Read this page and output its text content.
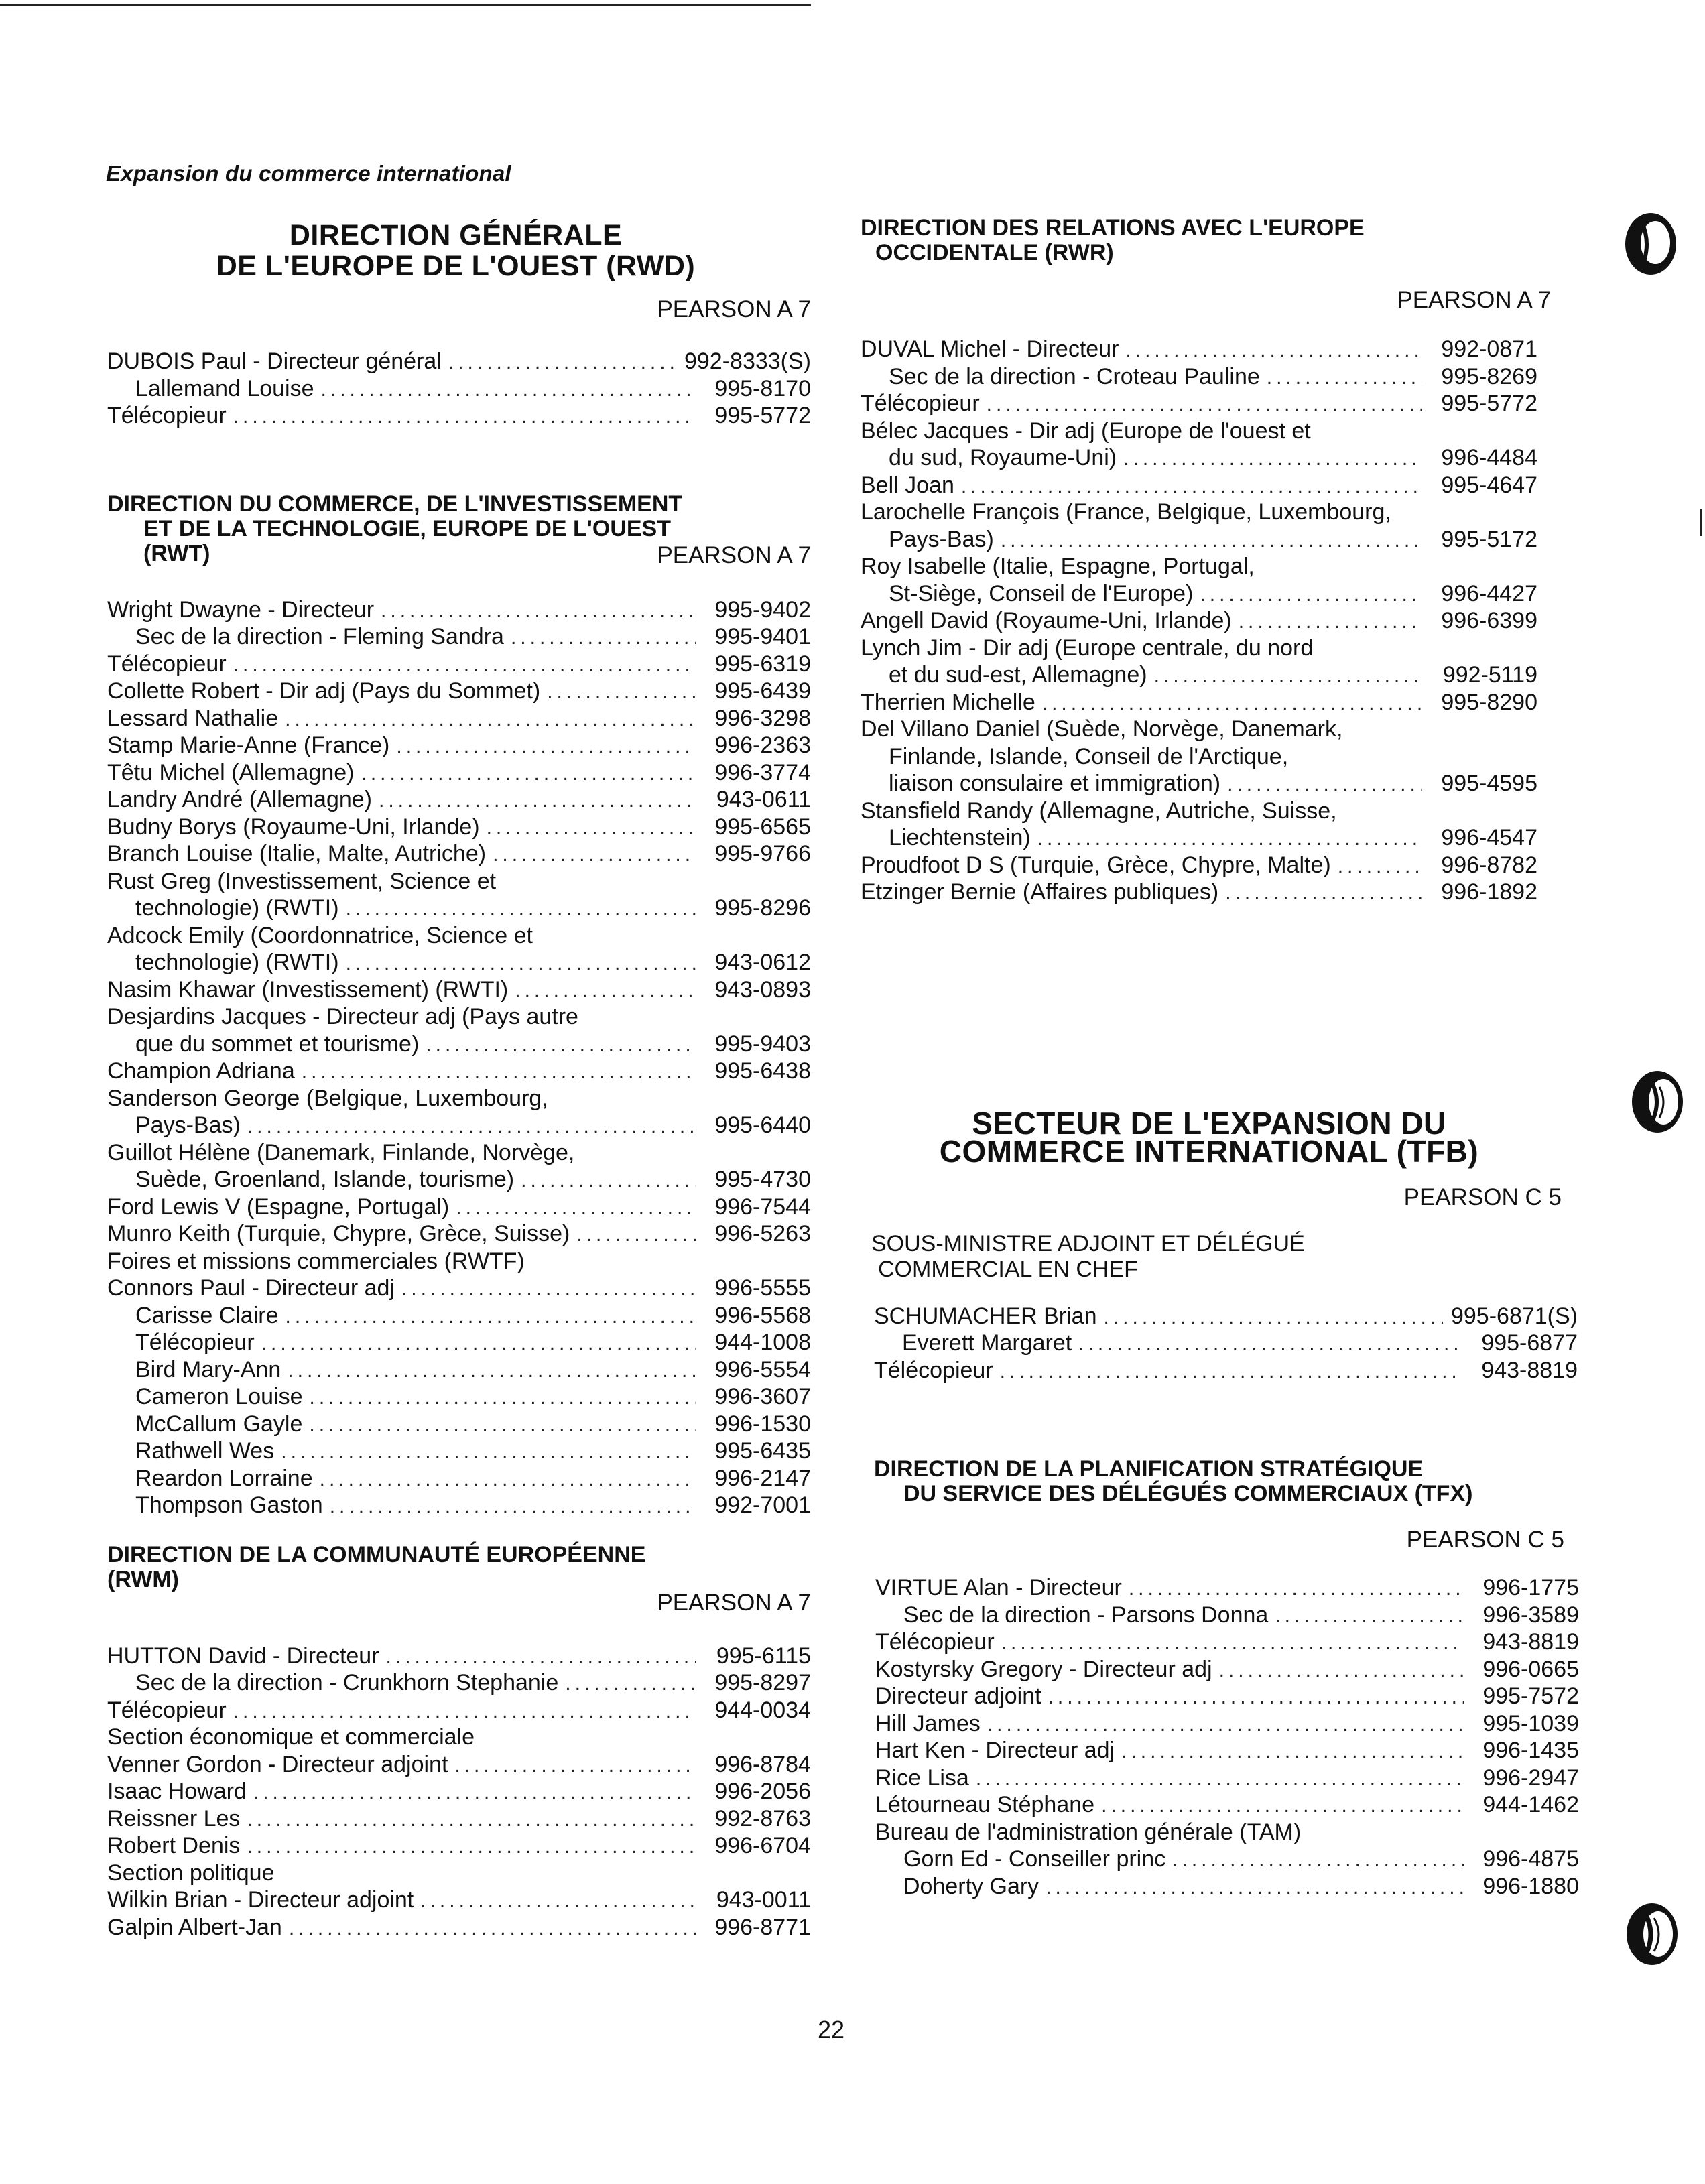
Expansion du commerce international
DIRECTION GÉNÉRALE
DE L'EUROPE DE L'OUEST (RWD)
PEARSON A 7
DUBOIS Paul - Directeur général .....	992-8333(S)
Lallemand Louise .....	995-8170
Télécopieur .....	995-5772
DIRECTION DU COMMERCE, DE L'INVESTISSEMENT
ET DE LA TECHNOLOGIE, EUROPE DE L'OUEST
(RWT)	PEARSON A 7
Wright Dwayne - Directeur .....	995-9402
Sec de la direction - Fleming Sandra .....	995-9401
Télécopieur .....	995-6319
Collette Robert - Dir adj (Pays du Sommet) .....	995-6439
Lessard Nathalie .....	996-3298
Stamp Marie-Anne (France) .....	996-2363
Têtu Michel (Allemagne) .....	996-3774
Landry André (Allemagne) .....	943-0611
Budny Borys (Royaume-Uni, Irlande) .....	995-6565
Branch Louise (Italie, Malte, Autriche) .....	995-9766
Rust Greg (Investissement, Science et
technologie) (RWTI) .....	995-8296
Adcock Emily (Coordonnatrice, Science et
technologie) (RWTI) .....	943-0612
Nasim Khawar (Investissement) (RWTI) .....	943-0893
Desjardins Jacques - Directeur adj (Pays autre
que du sommet et tourisme) .....	995-9403
Champion Adriana .....	995-6438
Sanderson George (Belgique, Luxembourg,
Pays-Bas) .....	995-6440
Guillot Hélène (Danemark, Finlande, Norvège,
Suède, Groenland, Islande, tourisme) .....	995-4730
Ford Lewis V (Espagne, Portugal) .....	996-7544
Munro Keith (Turquie, Chypre, Grèce, Suisse) .....	996-5263
Foires et missions commerciales (RWTF)
Connors Paul - Directeur adj .....	996-5555
Carisse Claire .....	996-5568
Télécopieur .....	944-1008
Bird Mary-Ann .....	996-5554
Cameron Louise .....	996-3607
McCallum Gayle .....	996-1530
Rathwell Wes .....	995-6435
Reardon Lorraine .....	996-2147
Thompson Gaston .....	992-7001
DIRECTION DE LA COMMUNAUTÉ EUROPÉENNE
(RWM)
PEARSON A 7
HUTTON David - Directeur .....	995-6115
Sec de la direction - Crunkhorn Stephanie .....	995-8297
Télécopieur .....	944-0034
Section économique et commerciale
Venner Gordon - Directeur adjoint .....	996-8784
Isaac Howard .....	996-2056
Reissner Les .....	992-8763
Robert Denis .....	996-6704
Section politique
Wilkin Brian - Directeur adjoint .....	943-0011
Galpin Albert-Jan .....	996-8771
DIRECTION DES RELATIONS AVEC L'EUROPE
OCCIDENTALE (RWR)
PEARSON A 7
DUVAL Michel - Directeur .....	992-0871
Sec de la direction - Croteau Pauline .....	995-8269
Télécopieur .....	995-5772
Bélec Jacques - Dir adj (Europe de l'ouest et
du sud, Royaume-Uni) .....	996-4484
Bell Joan .....	995-4647
Larochelle François (France, Belgique, Luxembourg,
Pays-Bas) .....	995-5172
Roy Isabelle (Italie, Espagne, Portugal,
St-Siège, Conseil de l'Europe) .....	996-4427
Angell David (Royaume-Uni, Irlande) .....	996-6399
Lynch Jim - Dir adj (Europe centrale, du nord
et du sud-est, Allemagne) .....	992-5119
Therrien Michelle .....	995-8290
Del Villano Daniel (Suède, Norvège, Danemark,
Finlande, Islande, Conseil de l'Arctique,
liaison consulaire et immigration) .....	995-4595
Stansfield Randy (Allemagne, Autriche, Suisse,
Liechtenstein) .....	996-4547
Proudfoot D S (Turquie, Grèce, Chypre, Malte) .....	996-8782
Etzinger Bernie (Affaires publiques) .....	996-1892
SECTEUR DE L'EXPANSION DU
COMMERCE INTERNATIONAL (TFB)
PEARSON C 5
SOUS-MINISTRE ADJOINT ET DÉLÉGUÉ
COMMERCIAL EN CHEF
SCHUMACHER Brian .....	995-6871(S)
Everett Margaret .....	995-6877
Télécopieur .....	943-8819
DIRECTION DE LA PLANIFICATION STRATÉGIQUE
DU SERVICE DES DÉLÉGUÉS COMMERCIAUX (TFX)
PEARSON C 5
VIRTUE Alan - Directeur .....	996-1775
Sec de la direction - Parsons Donna .....	996-3589
Télécopieur .....	943-8819
Kostyrsky Gregory - Directeur adj .....	996-0665
Directeur adjoint .....	995-7572
Hill James .....	995-1039
Hart Ken - Directeur adj .....	996-1435
Rice Lisa .....	996-2947
Létourneau Stéphane .....	944-1462
Bureau de l'administration générale (TAM)
Gorn Ed - Conseiller princ .....	996-4875
Doherty Gary .....	996-1880
22
